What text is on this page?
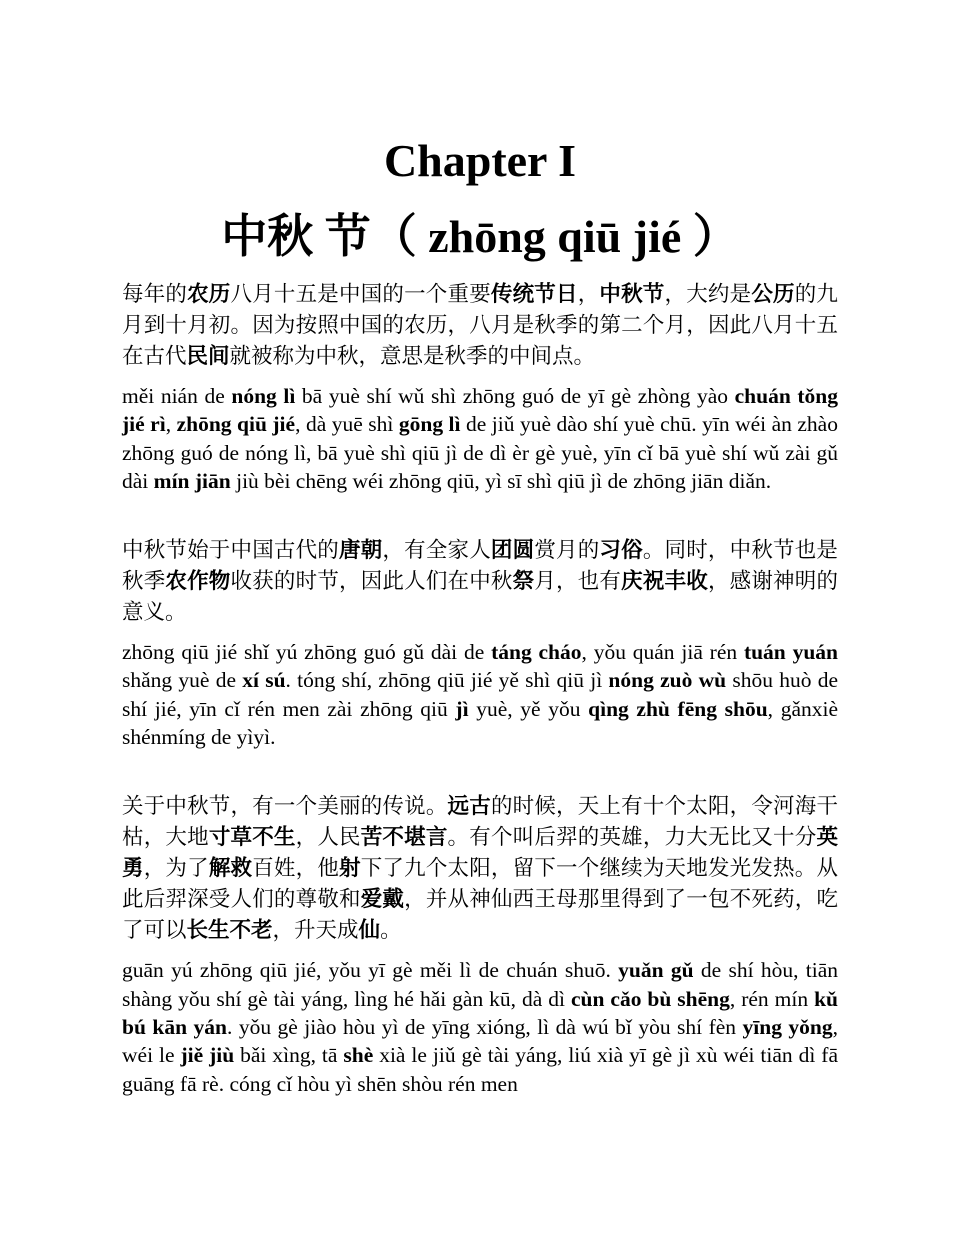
Chapter I
中秋 节（ zhōng qiū jié ）

每年的农历八月十五是中国的一个重要传统节日，中秋节，大约是公历的九月到十月初。因为按照中国的农历，八月是秋季的第二个月，因此八月十五在古代民间就被称为中秋，意思是秋季的中间点。

měi nián de nóng lì bā yuè shí wǔ shì zhōng guó de yī gè zhòng yào chuán tǒng jié rì, zhōng qiū jié, dà yuē shì gōng lì de jiǔ yuè dào shí yuè chū. yīn wéi àn zhào zhōng guó de nóng lì, bā yuè shì qiū jì de dì èr gè yuè, yīn cǐ bā yuè shí wǔ zài gǔ dài mín jiān jiù bèi chēng wéi zhōng qiū, yì sī shì qiū jì de zhōng jiān diǎn.

中秋节始于中国古代的唐朝，有全家人团圆赏月的习俗。同时，中秋节也是秋季农作物收获的时节，因此人们在中秋祭月，也有庆祝丰收，感谢神明的意义。

zhōng qiū jié shǐ yú zhōng guó gǔ dài de táng cháo, yǒu quán jiā rén tuán yuán shǎng yuè de xí sú. tóng shí, zhōng qiū jié yě shì qiū jì nóng zuò wù shōu huò de shí jié, yīn cǐ rén men zài zhōng qiū jì yuè, yě yǒu qìng zhù fēng shōu, gǎnxiè shénmíng de yìyì.

关于中秋节，有一个美丽的传说。远古的时候，天上有十个太阳，令河海干枯，大地寸草不生，人民苦不堪言。有个叫后羿的英雄，力大无比又十分英勇，为了解救百姓，他射下了九个太阳，留下一个继续为天地发光发热。从此后羿深受人们的尊敬和爱戴，并从神仙西王母那里得到了一包不死药，吃了可以长生不老，升天成仙。

guān yú zhōng qiū jié, yǒu yī gè měi lì de chuán shuō. yuǎn gǔ de shí hòu, tiān shàng yǒu shí gè tài yáng, lìng hé hǎi gàn kū, dà dì cùn cǎo bù shēng, rén mín kǔ bú kān yán. yǒu gè jiào hòu yì de yīng xióng, lì dà wú bǐ yòu shí fèn yīng yǒng, wéi le jiě jiù bǎi xìng, tā shè xià le jiǔ gè tài yáng, liú xià yī gè jì xù wéi tiān dì fā guāng fā rè. cóng cǐ hòu yì shēn shòu rén men
